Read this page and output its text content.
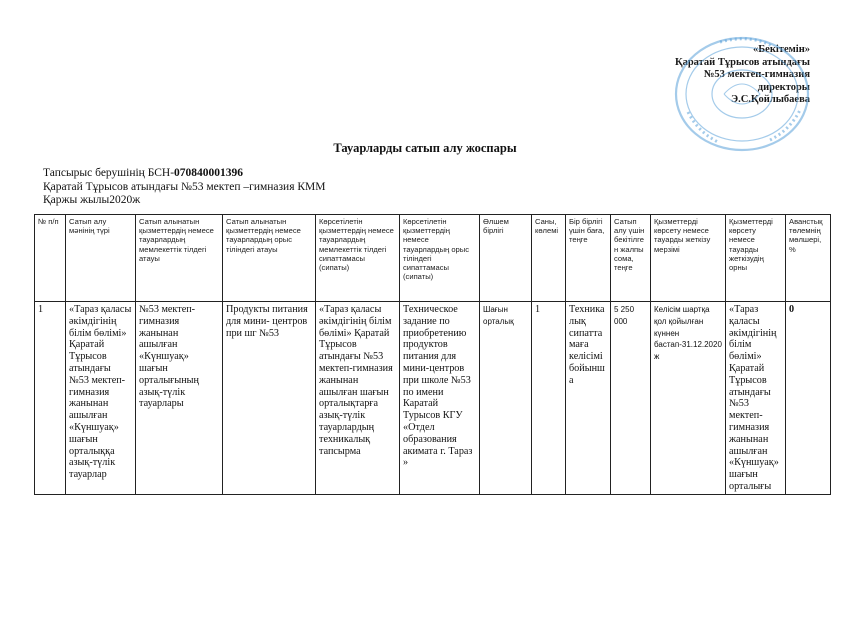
«Бекітемін»
Қаратай Тұрысов атындағы
№53 мектеп-гимназия
директоры
Э.С.Қойлыбаева
Тауарларды сатып алу жоспары
Тапсырыс берушінің БСН-070840001396
Қаратай Тұрысов атындағы №53 мектеп –гимназия КММ
Қаржы жылы2020ж
№ п/п	Сатып алу мәнінің түрі	Сатып алынатын қызметтердің немесе тауарлардың мемлекеттік тілдегі атауы	Сатып алынатын қызметтердің немесе тауарлардың орыс тіліндегі атауы	Көрсетілетін қызметтердің немесе тауарлардың мемлекеттік тілдегі сипаттамасы (сипаты)	Көрсетілетін қызметтердің немесе тауарлардың орыс тіліндегі сипаттамасы (сипаты)	Өлшем бірлігі	Саны, көлемі	Бір бірлігі үшін баға, теңге	Сатып алу үшін бекітілген жалпы сома, теңге	Қызметтерді көрсету немесе тауарды жеткізу мерзімі	Қызметтерді көрсету немесе тауарды жеткізудің орны	Аванстық төлемнің мөлшері, %
1	«Тараз қаласы әкімдігінің білім бөлімі» Қаратай Тұрысов атындағы №53 мектеп-гимназия жанынан ашылған «Күншуақ» шағын орталыққа азық-түлік тауарлар	№53 мектеп-гимназия жанынан ашылған «Күншуақ» шағын орталығының азық-түлік тауарлары	Продукты питания для мини- центров при шг №53	«Тараз қаласы әкімдігінің білім бөлімі» Қаратай Тұрысов атындағы №53 мектеп-гимназия жанынан ашылған шағын орталықтарға азық-түлік тауарлардың техникалық тапсырма	Техническое задание по приобретению продуктов питания для мини-центров при школе №53 по имени Каратай Турысов КГУ «Отдел образования акимата г. Тараз »	Шағын орталық	1	Техникалық сипаттамаға келісімі бойынша	5 250 000	Келісім шартқа қол қойылған күннен бастап-31.12.2020ж	«Тараз қаласы әкімдігінің білім бөлімі» Қаратай Тұрысов атындағы №53 мектеп-гимназия жанынан ашылған «Күншуақ» шағын орталығы	0
